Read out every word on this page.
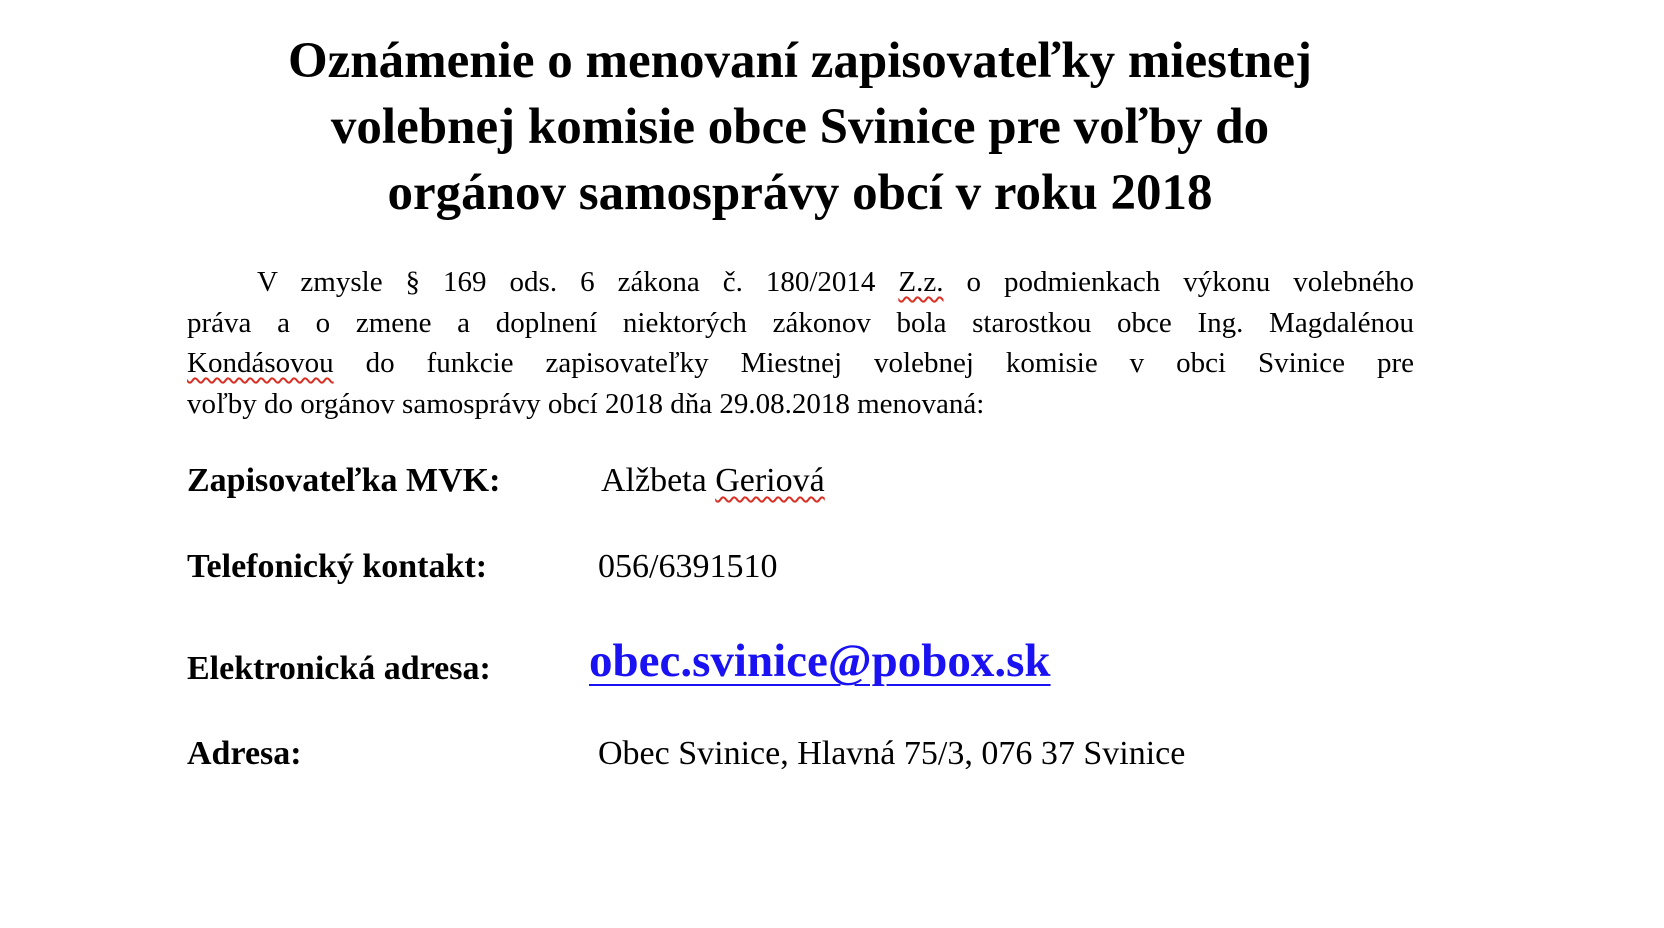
Oznámenie o menovaní zapisovateľky miestnej
volebnej komisie obce Svinice pre voľby do
orgánov samosprávy obcí v roku 2018

V zmysle § 169 ods. 6 zákona č. 180/2014 Z.z. o podmienkach výkonu volebného
práva a o zmene a doplnení niektorých zákonov bola starostkou obce Ing. Magdalénou
Kondásovou do funkcie zapisovateľky Miestnej volebnej komisie v obci Svinice pre
voľby do orgánov samosprávy obcí 2018 dňa 29.08.2018 menovaná:

Zapisovateľka MVK:	Alžbeta Geriová
Telefonický kontakt:	056/6391510
Elektronická adresa: obec.svinice@pobox.sk
Adresa:	Obec Svinice, Hlavná 75/3, 076 37 Svinice
